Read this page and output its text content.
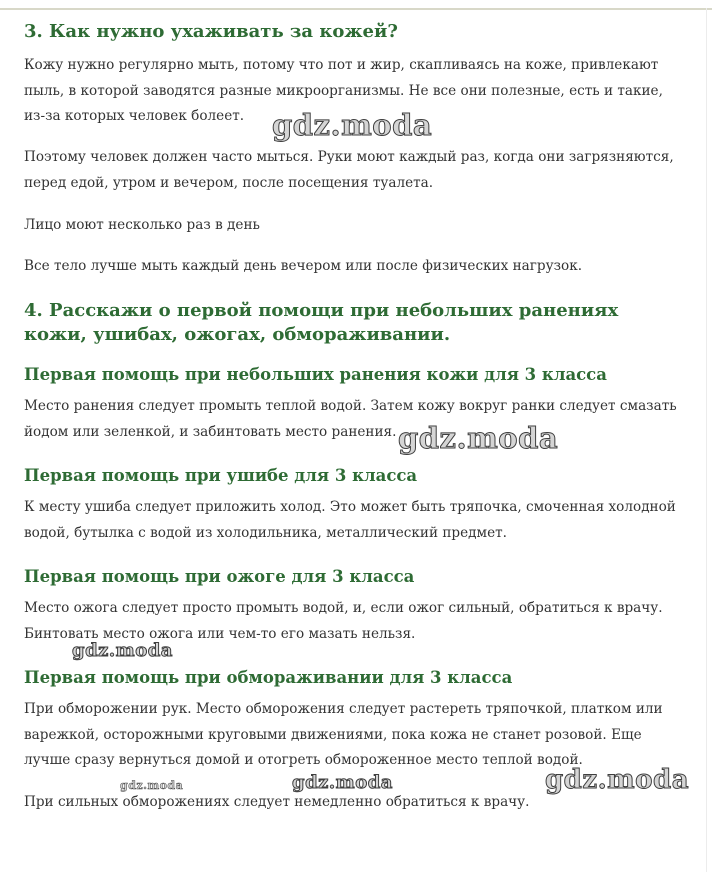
3. Как нужно ухаживать за кожей?

Кожу нужно регулярно мыть, потому что пот и жир, скапливаясь на коже, привлекают пыль, в которой заводятся разные микроорганизмы. Не все они полезные, есть и такие, из-за которых человек болеет.

Поэтому человек должен часто мыться. Руки моют каждый раз, когда они загрязняются, перед едой, утром и вечером, после посещения туалета.

Лицо моют несколько раз в день

Все тело лучше мыть каждый день вечером или после физических нагрузок.

4. Расскажи о первой помощи при небольших ранениях кожи, ушибах, ожогах, обмораживании.
Первая помощь при небольших ранения кожи для 3 класса

Место ранения следует промыть теплой водой. Затем кожу вокруг ранки следует смазать йодом или зеленкой, и забинтовать место ранения.

Первая помощь при ушибе для 3 класса

К месту ушиба следует приложить холод. Это может быть тряпочка, смоченная холодной водой, бутылка с водой из холодильника, металлический предмет.

Первая помощь при ожоге для 3 класса

Место ожога следует просто промыть водой, и, если ожог сильный, обратиться к врачу. Бинтовать место ожога или чем-то его мазать нельзя.

Первая помощь при обмораживании для 3 класса

При обморожении рук. Место обморожения следует растереть тряпочкой, платком или варежкой, осторожными круговыми движениями, пока кожа не станет розовой. Еще лучше сразу вернуться домой и отогреть обмороженное место теплой водой.

При сильных обморожениях следует немедленно обратиться к врачу.

gdz.moda
gdz.moda
gdz.moda
gdz.moda	gdz.moda	gdz.moda
